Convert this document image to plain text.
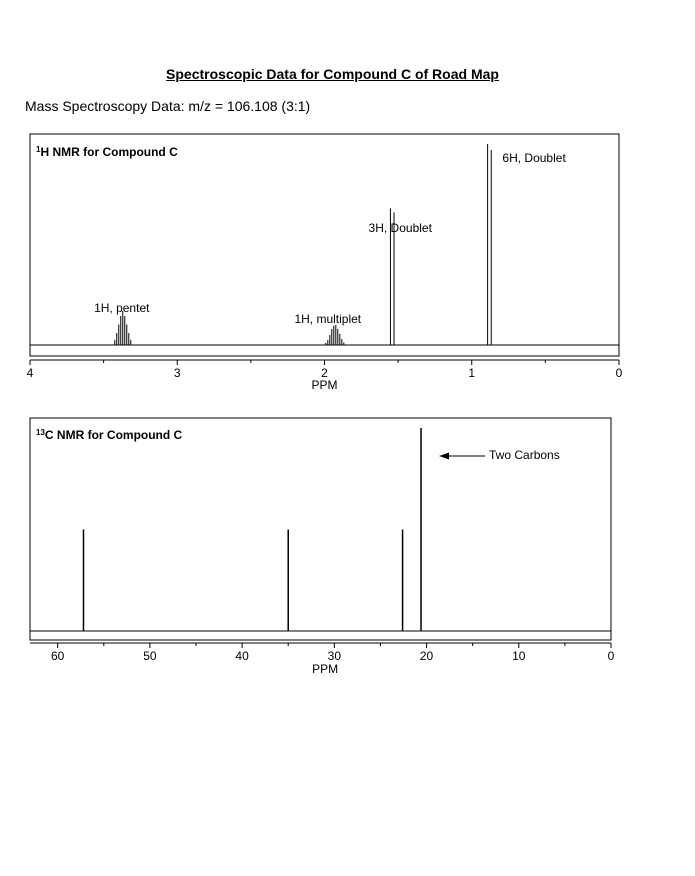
Spectroscopic Data for Compound C of Road Map
Mass Spectroscopy Data: m/z = 106.108 (3:1)
$^1$H NMR for Compound C
1H, pentet
1H, multiplet
3H, Doublet
6H, Doublet
4	3	2	1	0
PPM
$^{13}$C NMR for Compound C
Two Carbons
60	50	40	30	20	10	0
PPM
